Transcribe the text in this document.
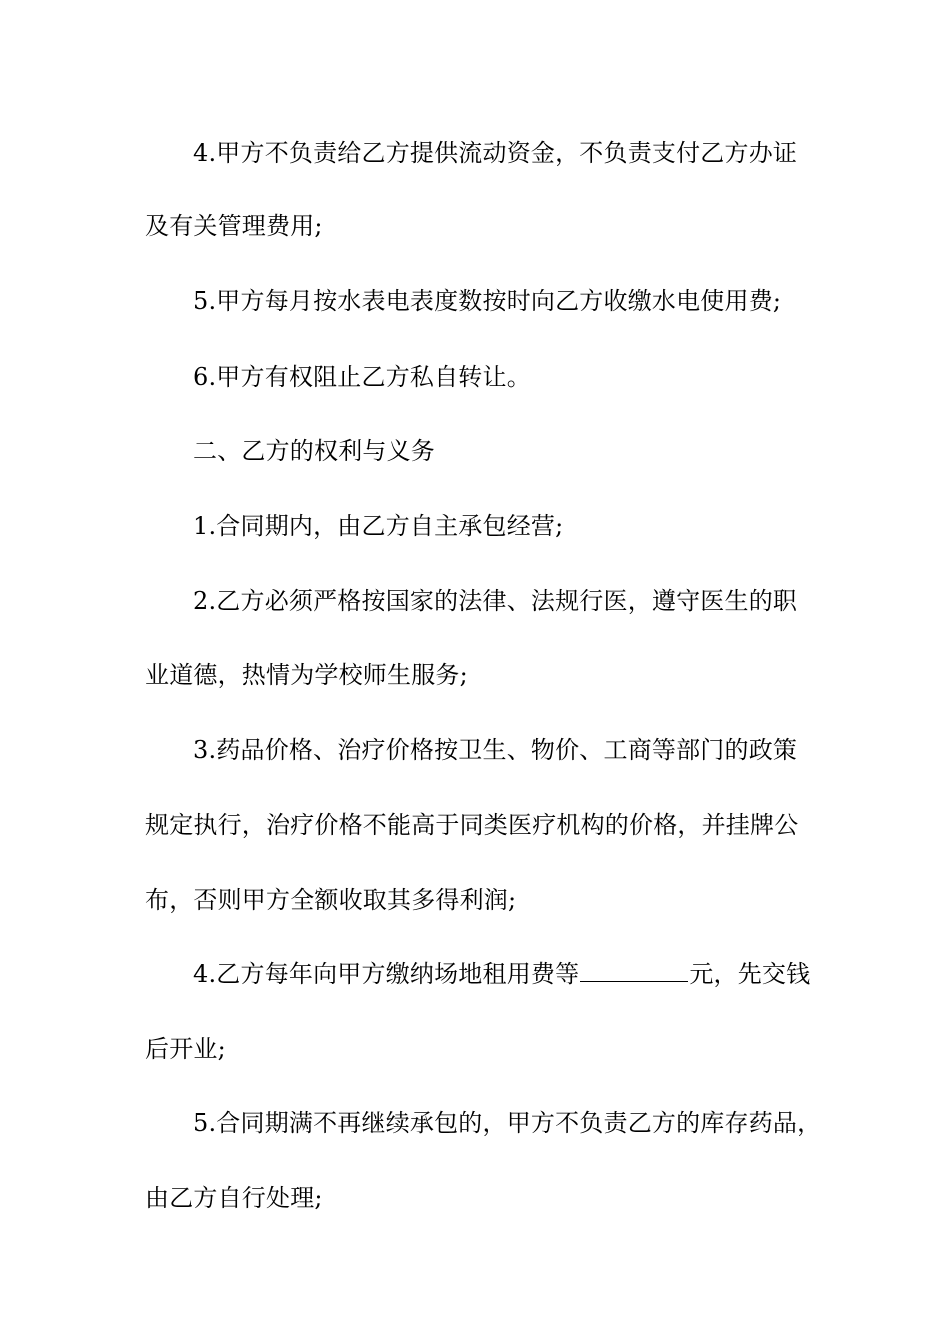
4.甲方不负责给乙方提供流动资金，不负责支付乙方办证
及有关管理费用;
5.甲方每月按水表电表度数按时向乙方收缴水电使用费;
6.甲方有权阻止乙方私自转让。
二、乙方的权利与义务
1.合同期内，由乙方自主承包经营;
2.乙方必须严格按国家的法律、法规行医，遵守医生的职
业道德，热情为学校师生服务;
3.药品价格、治疗价格按卫生、物价、工商等部门的政策
规定执行，治疗价格不能高于同类医疗机构的价格，并挂牌公
布，否则甲方全额收取其多得利润;
4.乙方每年向甲方缴纳场地租用费等	元，先交钱
后开业;
5.合同期满不再继续承包的，甲方不负责乙方的库存药品，
由乙方自行处理;
